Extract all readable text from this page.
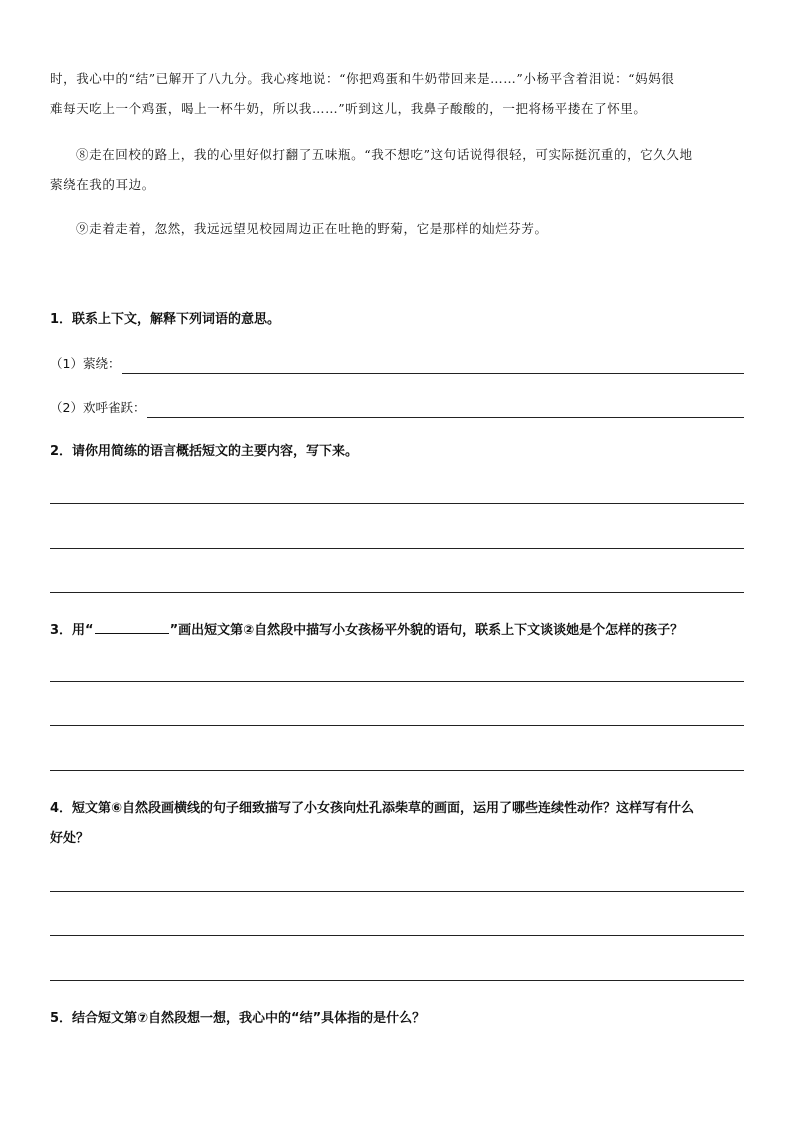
时，我心中的“结”已解开了八九分。我心疼地说：“你把鸡蛋和牛奶带回来是……”小杨平含着泪说：“妈妈很
难每天吃上一个鸡蛋，喝上一杯牛奶，所以我……”听到这儿，我鼻子酸酸的，一把将杨平搂在了怀里。
⑧走在回校的路上，我的心里好似打翻了五味瓶。“我不想吃”这句话说得很轻，可实际挺沉重的，它久久地
萦绕在我的耳边。
⑨走着走着，忽然，我远远望见校园周边正在吐艳的野菊，它是那样的灿烂芬芳。
1．联系上下文，解释下列词语的意思。
（1）萦绕：
（2）欢呼雀跃：
2．请你用简练的语言概括短文的主要内容，写下来。
3．用“	”画出短文第②自然段中描写小女孩杨平外貌的语句，联系上下文谈谈她是个怎样的孩子？
4．短文第⑥自然段画横线的句子细致描写了小女孩向灶孔添柴草的画面，运用了哪些连续性动作？这样写有什么
好处？
5．结合短文第⑦自然段想一想，我心中的“结”具体指的是什么？
